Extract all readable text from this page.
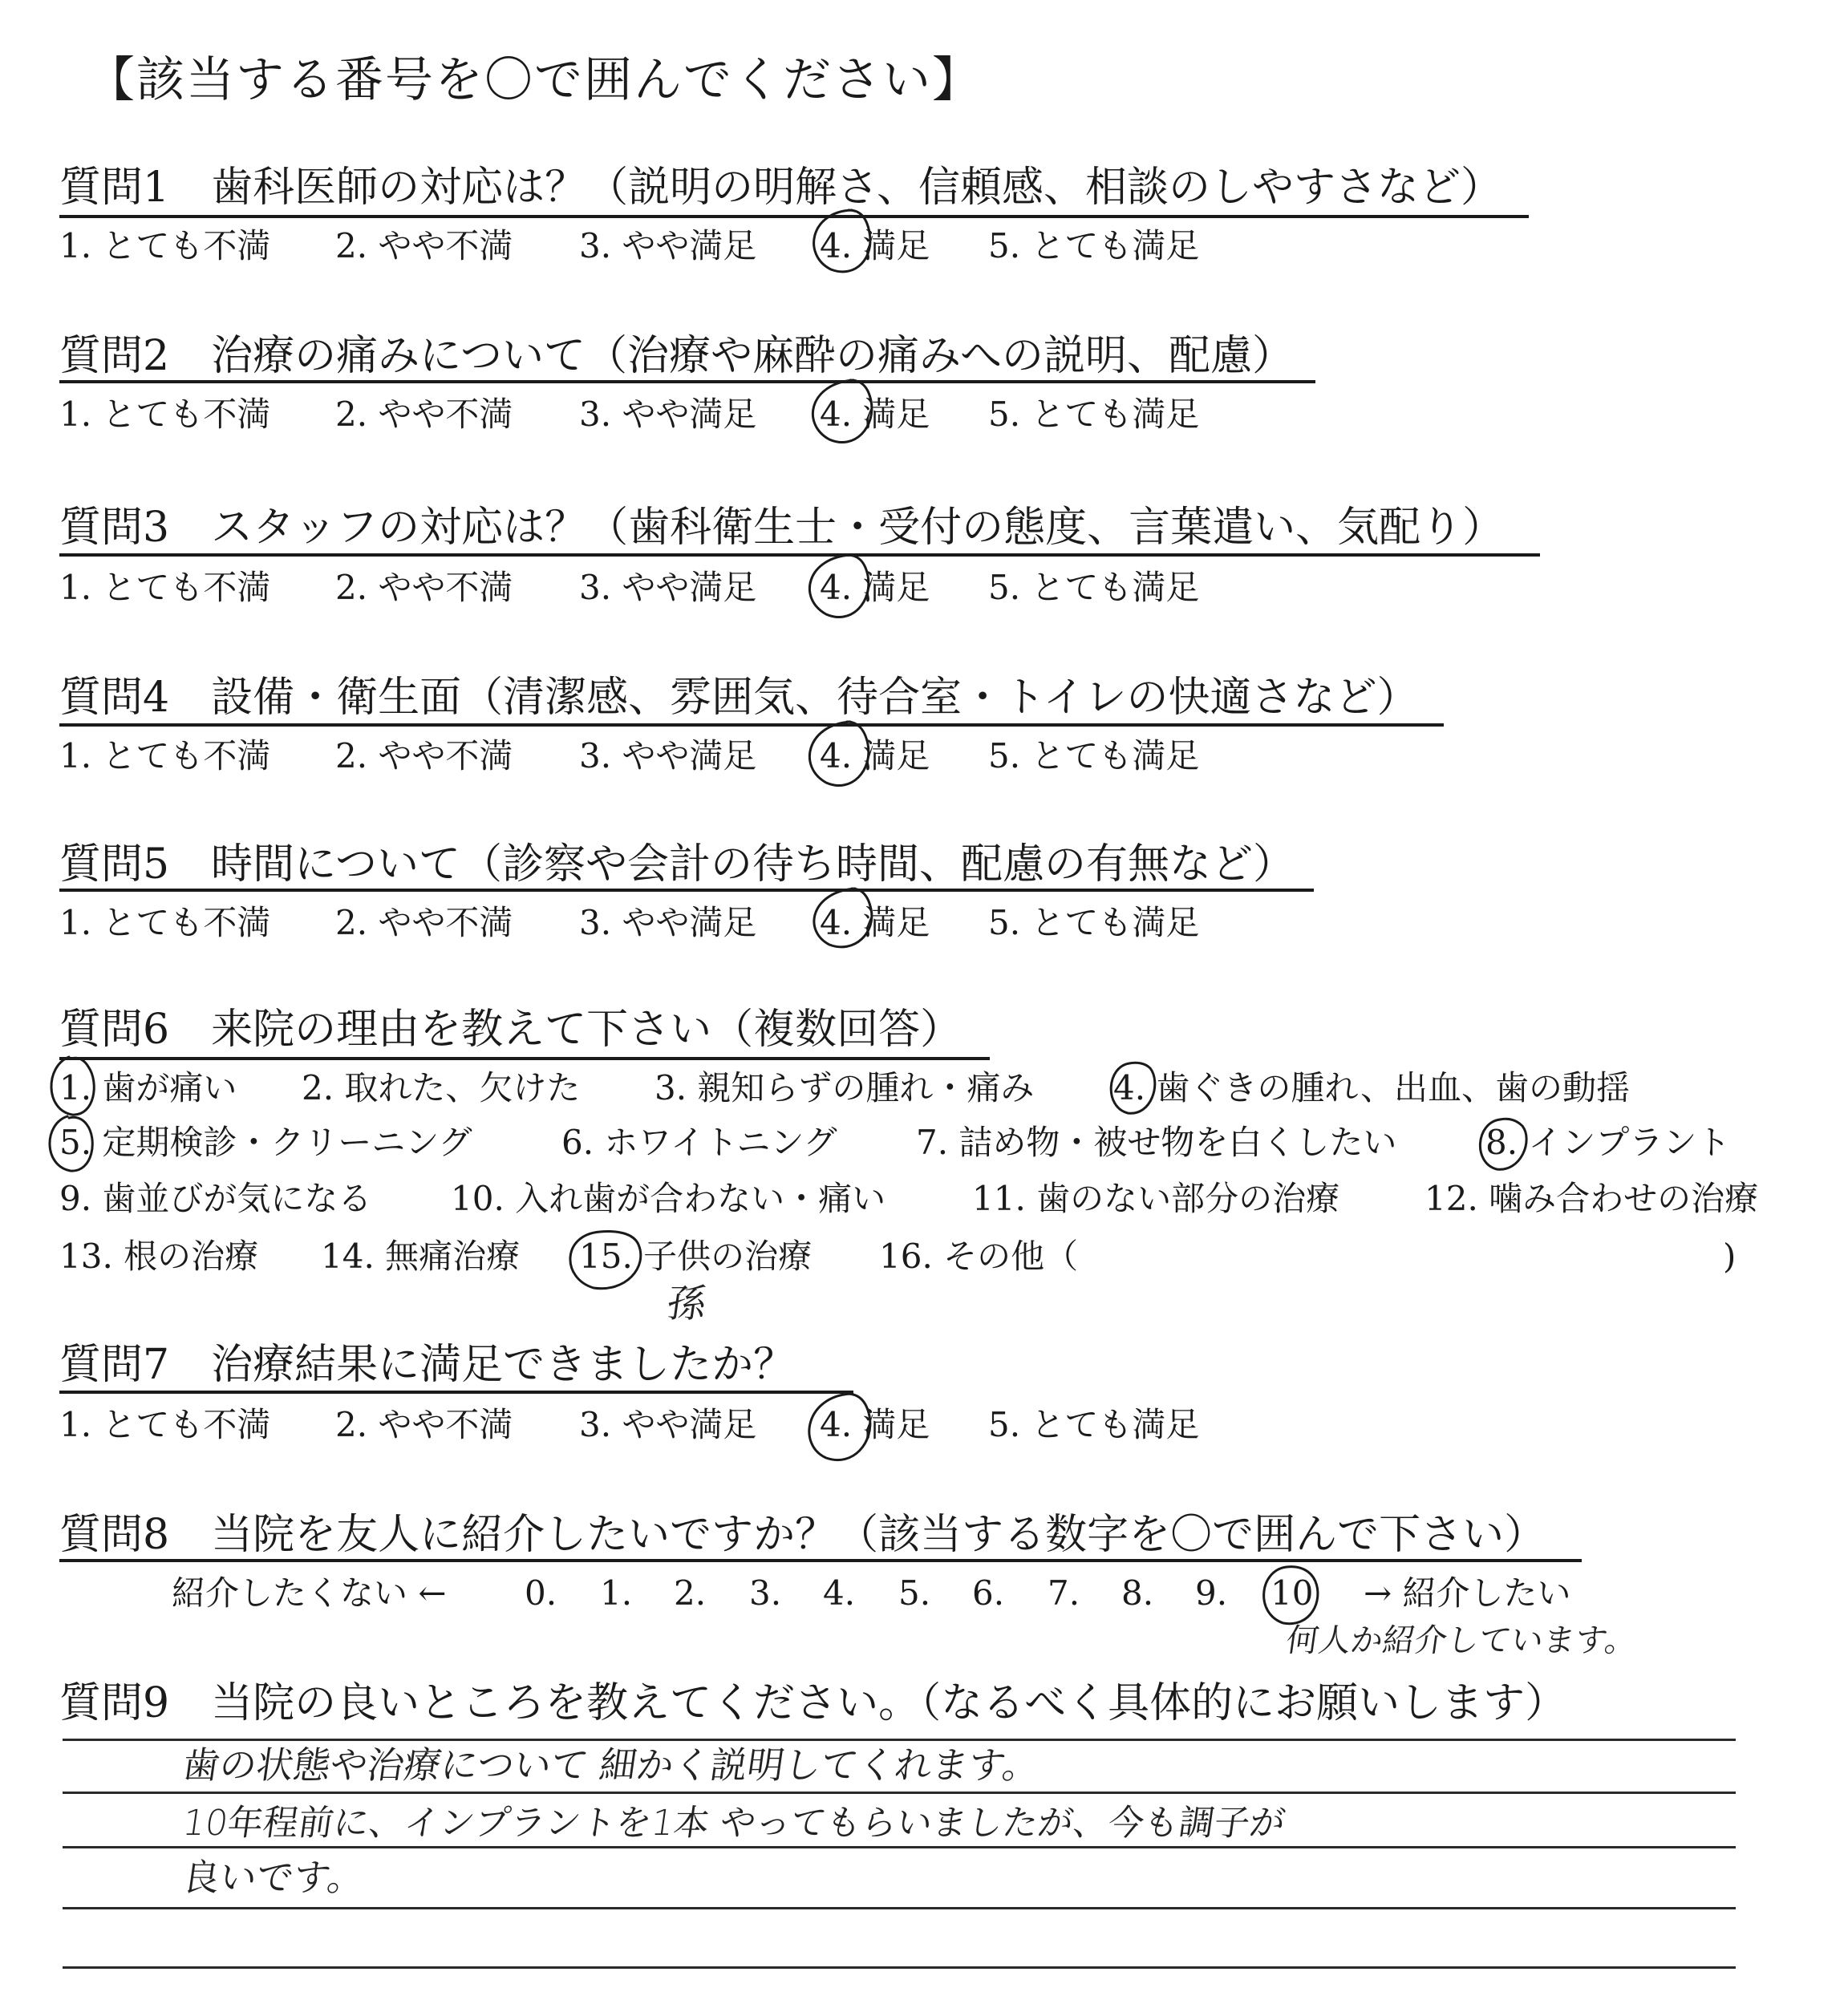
【該当する番号を〇で囲んでください】
質問1　歯科医師の対応は？（説明の明解さ、信頼感、相談のしやすさなど）
1. とても不満 2. やや不満 3. やや満足 4. 満足 5. とても満足
質問2　治療の痛みについて（治療や麻酔の痛みへの説明、配慮）
1. とても不満 2. やや不満 3. やや満足 4. 満足 5. とても満足
質問3　スタッフの対応は？（歯科衛生士・受付の態度、言葉遣い、気配り）
1. とても不満 2. やや不満 3. やや満足 4. 満足 5. とても満足
質問4　設備・衛生面（清潔感、雰囲気、待合室・トイレの快適さなど）
1. とても不満 2. やや不満 3. やや満足 4. 満足 5. とても満足
質問5　時間について（診察や会計の待ち時間、配慮の有無など）
1. とても不満 2. やや不満 3. やや満足 4. 満足 5. とても満足
質問6　来院の理由を教えて下さい（複数回答）
1. 歯が痛い 2. 取れた、欠けた 3. 親知らずの腫れ・痛み 4. 歯ぐきの腫れ、出血、歯の動揺
5. 定期検診・クリーニング	6. ホワイトニング 7. 詰め物・被せ物を白くしたい	8. インプラント
9. 歯並びが気になる 10. 入れ歯が合わない・痛い	11. 歯のない部分の治療	12. 噛み合わせの治療
13. 根の治療 14. 無痛治療 15. 子供の治療 16. その他（	)
孫
質問7　治療結果に満足できましたか？
1. とても不満 2. やや不満 3. やや満足 4. 満足 5. とても満足
質問8　当院を友人に紹介したいですか？（該当する数字を〇で囲んで下さい）
紹介したくない ← 0. 1. 2. 3. 4. 5. 6. 7. 8. 9. 10 → 紹介したい
何人か紹介しています。
質問9　当院の良いところを教えてください。（なるべく具体的にお願いします）
歯の状態や治療について 細かく説明してくれます。
10年程前に、インプラントを1本 やってもらいましたが、今も調子が
良いです。
